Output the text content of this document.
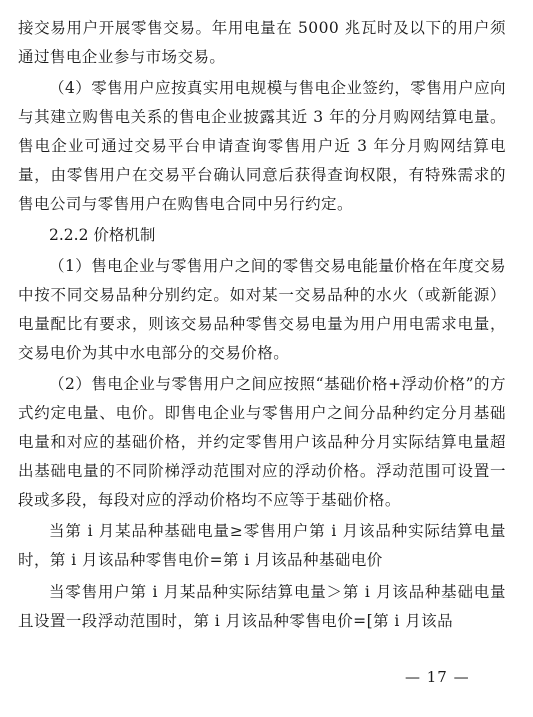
接交易用户开展零售交易。年用电量在 5000 兆瓦时及以下的用户须通过售电企业参与市场交易。

（4）零售用户应按真实用电规模与售电企业签约，零售用户应向与其建立购售电关系的售电企业披露其近 3 年的分月购网结算电量。售电企业可通过交易平台申请查询零售用户近 3 年分月购网结算电量，由零售用户在交易平台确认同意后获得查询权限，有特殊需求的售电公司与零售用户在购售电合同中另行约定。

2.2.2 价格机制

（1）售电企业与零售用户之间的零售交易电能量价格在年度交易中按不同交易品种分别约定。如对某一交易品种的水火（或新能源）电量配比有要求，则该交易品种零售交易电量为用户用电需求电量，交易电价为其中水电部分的交易价格。

（2）售电企业与零售用户之间应按照“基础价格+浮动价格”的方式约定电量、电价。即售电企业与零售用户之间分品种约定分月基础电量和对应的基础价格，并约定零售用户该品种分月实际结算电量超出基础电量的不同阶梯浮动范围对应的浮动价格。浮动范围可设置一段或多段，每段对应的浮动价格均不应等于基础价格。

当第 i 月某品种基础电量≥零售用户第 i 月该品种实际结算电量时，第 i 月该品种零售电价=第 i 月该品种基础电价

当零售用户第 i 月某品种实际结算电量＞第 i 月该品种基础电量且设置一段浮动范围时，第 i 月该品种零售电价=[第 i 月该品

— 17 —
